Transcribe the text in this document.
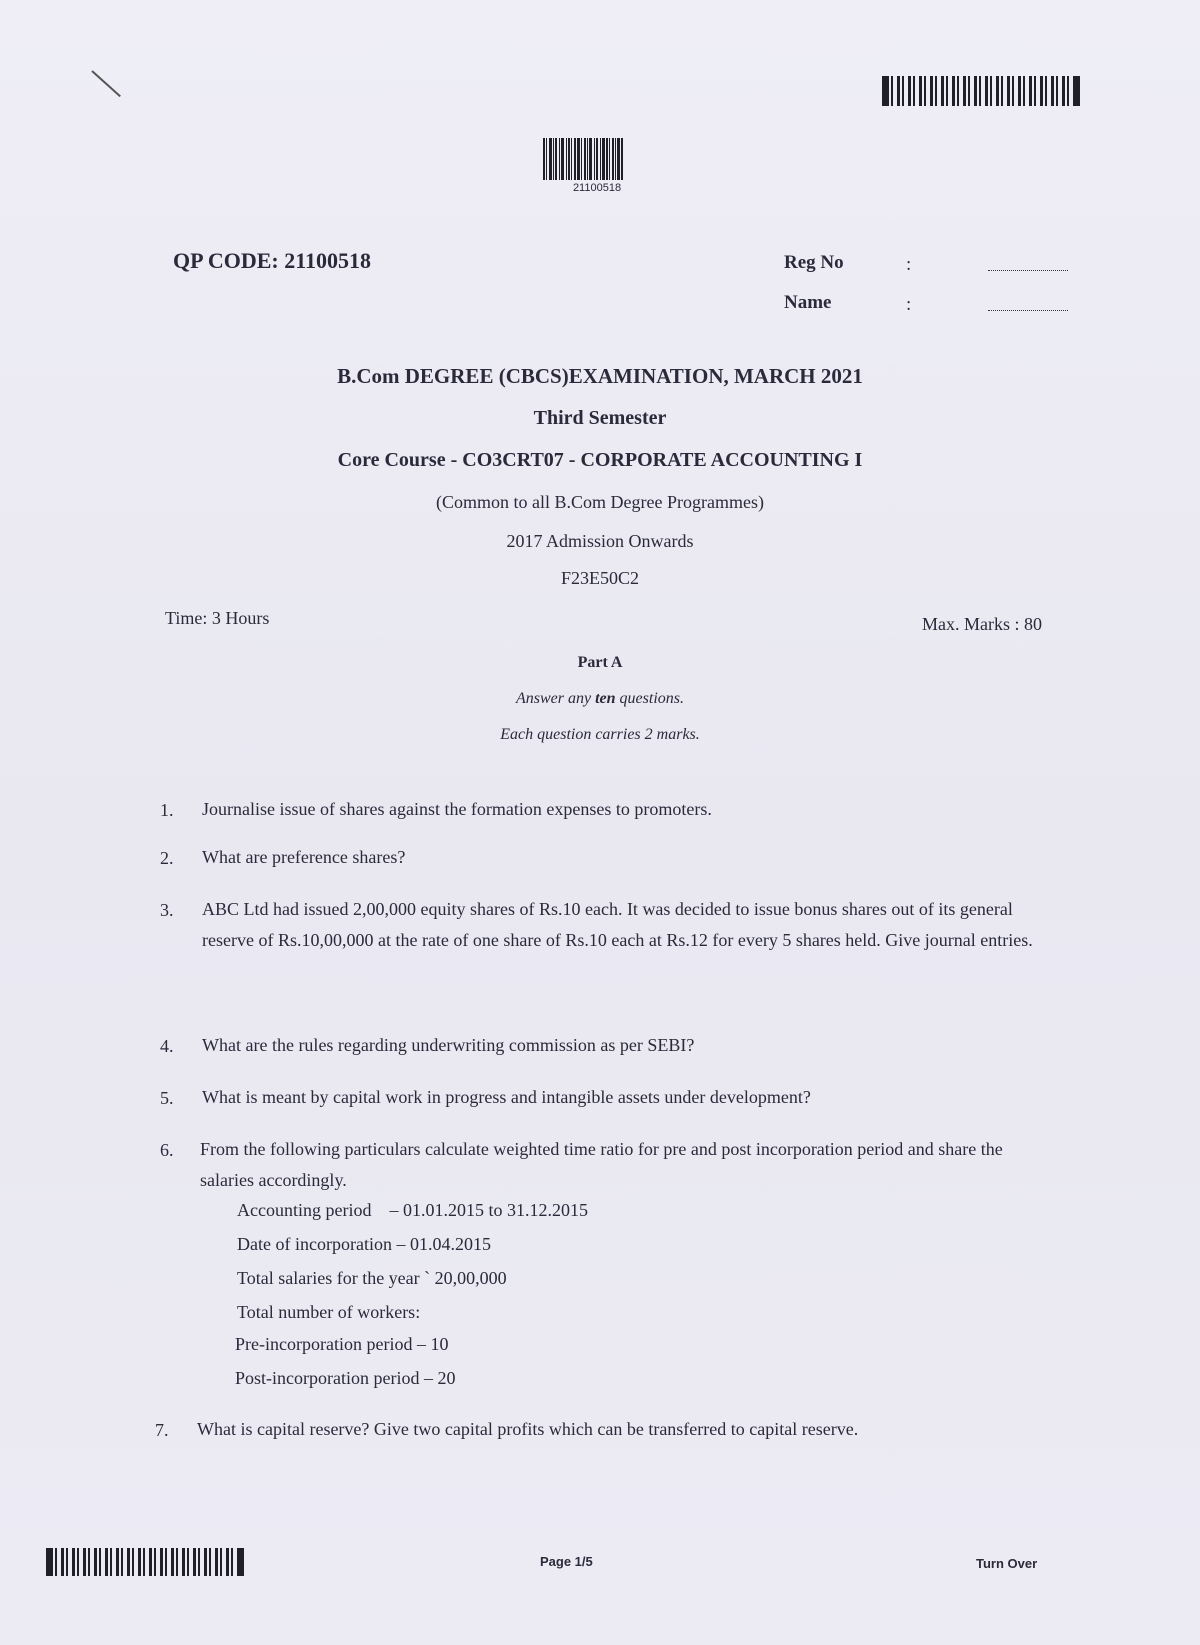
21100518
QP CODE: 21100518	Reg No	:
Name	:
B.Com DEGREE (CBCS)EXAMINATION, MARCH 2021
Third Semester
Core Course - CO3CRT07 - CORPORATE ACCOUNTING I
(Common to all B.Com Degree Programmes)
2017 Admission Onwards
F23E50C2
Time: 3 Hours	Max. Marks : 80
Part A
Answer any ten questions.
Each question carries 2 marks.
1. Journalise issue of shares against the formation expenses to promoters.
2. What are preference shares?
3. ABC Ltd had issued 2,00,000 equity shares of Rs.10 each. It was decided to issue bonus shares out of its general reserve of Rs.10,00,000 at the rate of one share of Rs.10 each at Rs.12 for every 5 shares held. Give journal entries.
4. What are the rules regarding underwriting commission as per SEBI?
5. What is meant by capital work in progress and intangible assets under development?
6. From the following particulars calculate weighted time ratio for pre and post incorporation period and share the salaries accordingly.
Accounting period    – 01.01.2015 to 31.12.2015
Date of incorporation – 01.04.2015
Total salaries for the year ` 20,00,000
Total number of workers:
Pre-incorporation period – 10
Post-incorporation period – 20
7. What is capital reserve? Give two capital profits which can be transferred to capital reserve.
Page 1/5	Turn Over
